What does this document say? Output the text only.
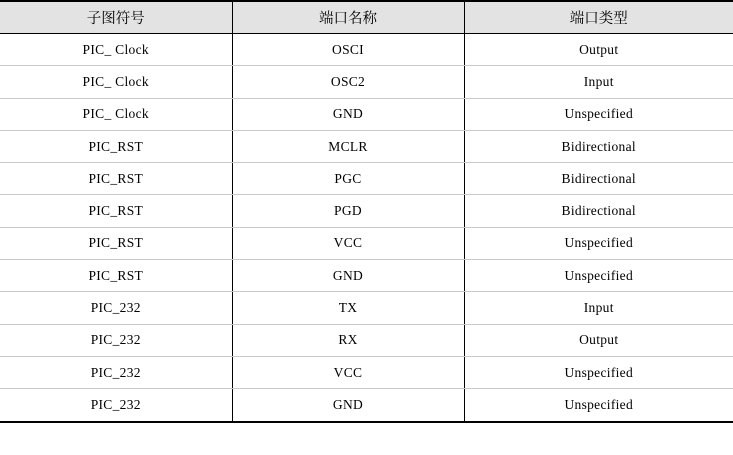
子图符号	端口名称	端口类型
PIC_ Clock	OSCI	Output
PIC_ Clock	OSC2	Input
PIC_ Clock	GND	Unspecified
PIC_RST	MCLR	Bidirectional
PIC_RST	PGC	Bidirectional
PIC_RST	PGD	Bidirectional
PIC_RST	VCC	Unspecified
PIC_RST	GND	Unspecified
PIC_232	TX	Input
PIC_232	RX	Output
PIC_232	VCC	Unspecified
PIC_232	GND	Unspecified
